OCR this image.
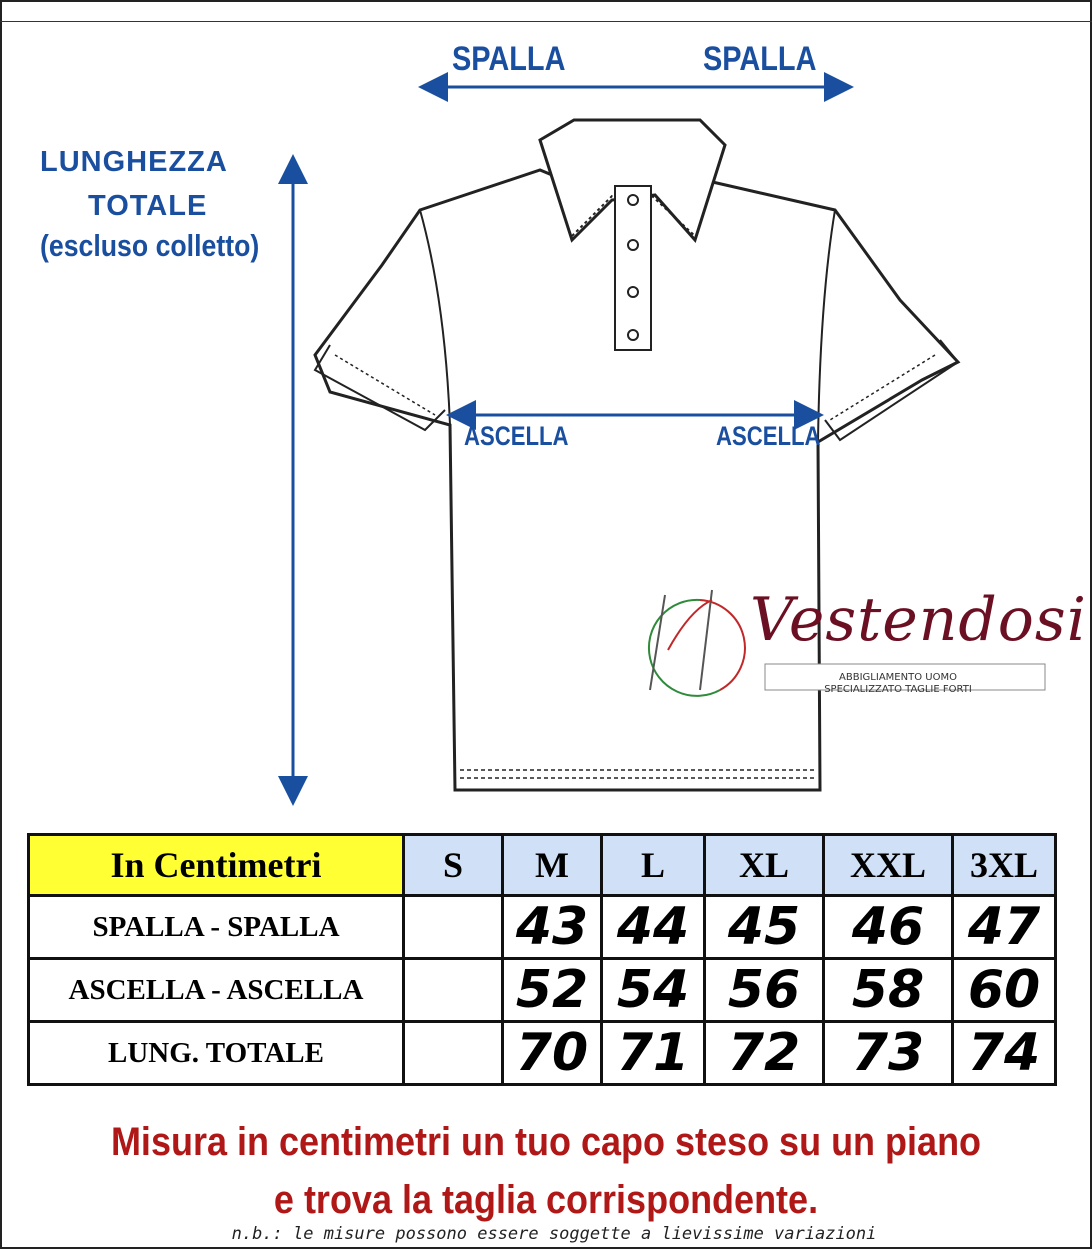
SPALLA	SPALLA
LUNGHEZZA
TOTALE
(escluso colletto)
ASCELLA	ASCELLA
Vestendosi
ABBIGLIAMENTO UOMO
SPECIALIZZATO TAGLIE FORTI
In Centimetri	S	M	L	XL	XXL	3XL
SPALLA - SPALLA		43	44	45	46	47
ASCELLA - ASCELLA		52	54	56	58	60
LUNG. TOTALE		70	71	72	73	74
Misura in centimetri un tuo capo steso su un piano
e trova la taglia corrispondente.
n.b.: le misure possono essere soggette a lievissime variazioni
